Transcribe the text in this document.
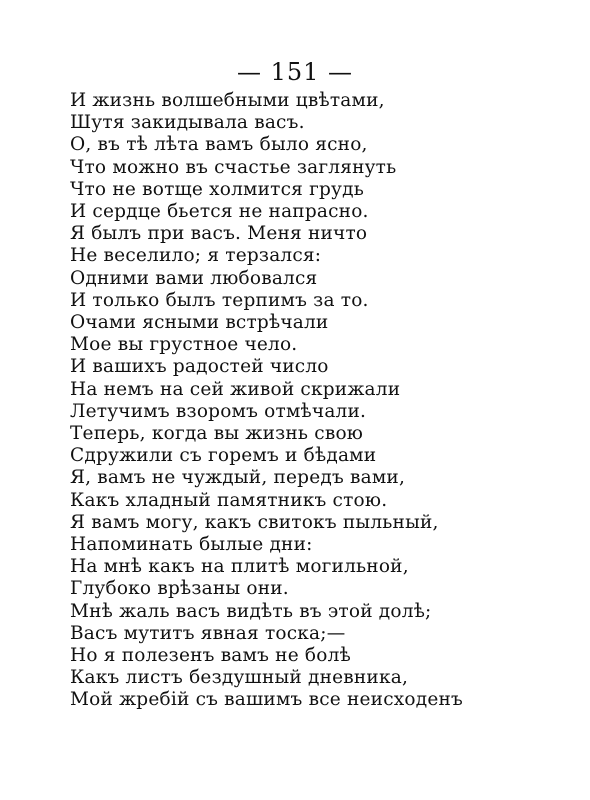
— 151 —
И жизнь волшебными цвѣтами,
Шутя закидывала васъ.
О, въ тѣ лѣта вамъ было ясно,
Что можно въ счастье заглянуть
Что не вотще холмится грудь
И сердце бьется не напрасно.
Я былъ при васъ. Меня ничто
Не веселило; я терзался:
Одними вами любовался
И только былъ терпимъ за то.
Очами ясными встрѣчали
Мое вы грустное чело.
И вашихъ радостей число
На немъ на сей живой скрижали
Летучимъ взоромъ отмѣчали.
Теперь, когда вы жизнь свою
Сдружили съ горемъ и бѣдами
Я, вамъ не чуждый, передъ вами,
Какъ хладный памятникъ стою.
Я вамъ могу, какъ свитокъ пыльный,
Напоминать былые дни:
На мнѣ какъ на плитѣ могильной,
Глубоко врѣзаны они.
Мнѣ жаль васъ видѣть въ этой долѣ;
Васъ мутитъ явная тоска;—
Но я полезенъ вамъ не болѣ
Какъ листъ бездушный дневника,
Мой жребій съ вашимъ все неисходенъ
